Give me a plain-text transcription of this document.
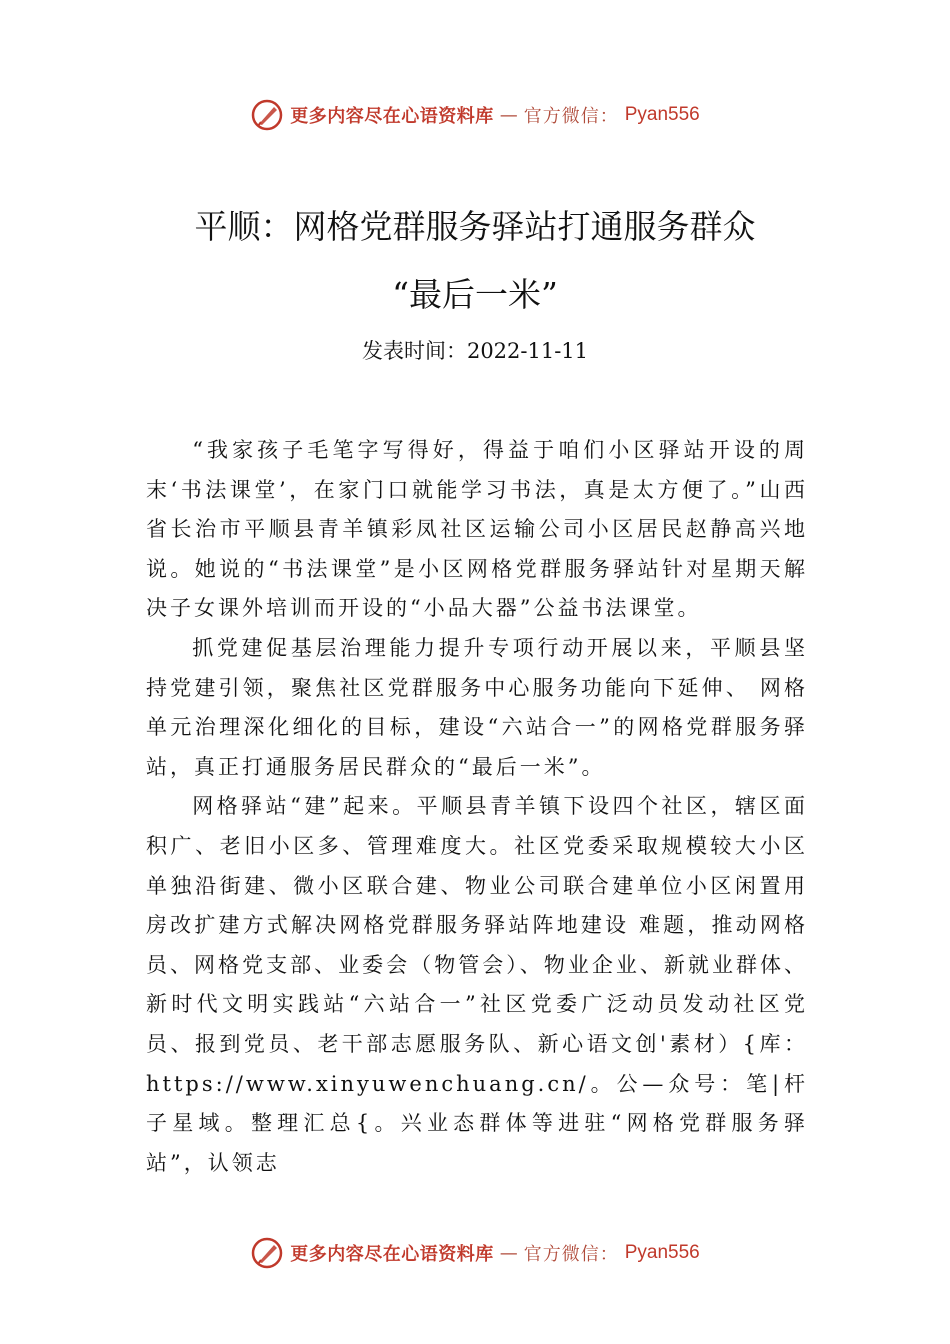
更多内容尽在心语资料库 — 官方微信： Pyan556
平顺：网格党群服务驿站打通服务群众
“最后一米”
发表时间：2022-11-11

“我家孩子毛笔字写得好，得益于咱们小区驿站开设的周末‘书法课堂’，在家门口就能学习书法，真是太方便了。”山西省长治市平顺县青羊镇彩凤社区运输公司小区居民赵静高兴地说。她说的“书法课堂”是小区网格党群服务驿站针对星期天解决子女课外培训而开设的“小品大器”公益书法课堂。

抓党建促基层治理能力提升专项行动开展以来，平顺县坚持党建引领，聚焦社区党群服务中心服务功能向下延伸、 网格单元治理深化细化的目标，建设“六站合一”的网格党群服务驿站，真正打通服务居民群众的“最后一米”。

网格驿站“建”起来。平顺县青羊镇下设四个社区，辖区面积广、老旧小区多、管理难度大。社区党委采取规模较大小区单独沿街建、微小区联合建、物业公司联合建单位小区闲置用房改扩建方式解决网格党群服务驿站阵地建设 难题，推动网格员、网格党支部、业委会（物管会）、物业企业、新就业群体、新时代文明实践站“六站合一”社区党委广泛动员发动社区党员、报到党员、老干部志愿服务队、新心语文创'素材）{库：https://www.xinyuwenchuang.cn/。公—众号：笔|杆子星域。整理汇总{。兴业态群体等进驻“网格党群服务驿站”，认领志

更多内容尽在心语资料库 — 官方微信： Pyan556
